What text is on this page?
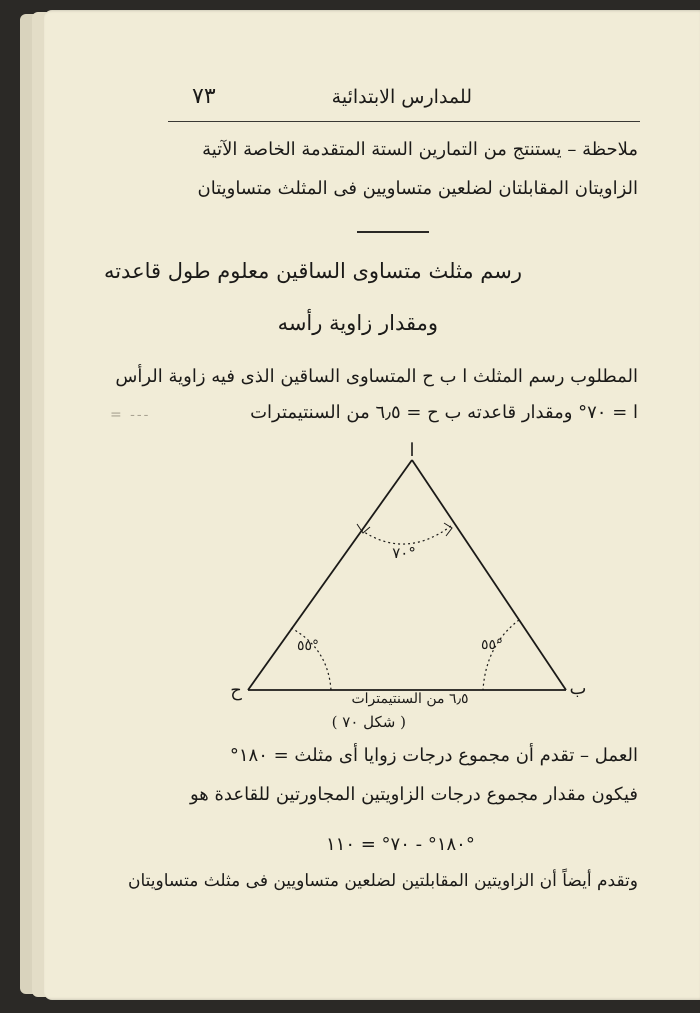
للمدارس الابتدائية
٧٣
ملاحظة – يستنتج من التمارين الستة المتقدمة الخاصة الآتية
الزاويتان المقابلتان لضلعين متساويين فى المثلث متساويتان
رسم مثلث متساوى الساقين معلوم طول قاعدته
ومقدار زاوية رأسه
المطلوب رسم المثلث ا ب ح المتساوى الساقين الذى فيه زاوية الرأس
ا = ٧٠° ومقدار قاعدته ب ح = ٦٫٥ من السنتيمترات
= ---
ا
ب
ح
٧٠°
٥٥°	٥٥°
٦٫٥ من السنتيمترات
( شكل ٧٠ )
العمل – تقدم أن مجموع درجات زوايا أى مثلث = ١٨٠°
فيكون مقدار مجموع درجات الزاويتين المجاورتين للقاعدة هو
١٨٠° - ٧٠° = ١١٠°
وتقدم أيضاً أن الزاويتين المقابلتين لضلعين متساويين فى مثلث متساويتان
